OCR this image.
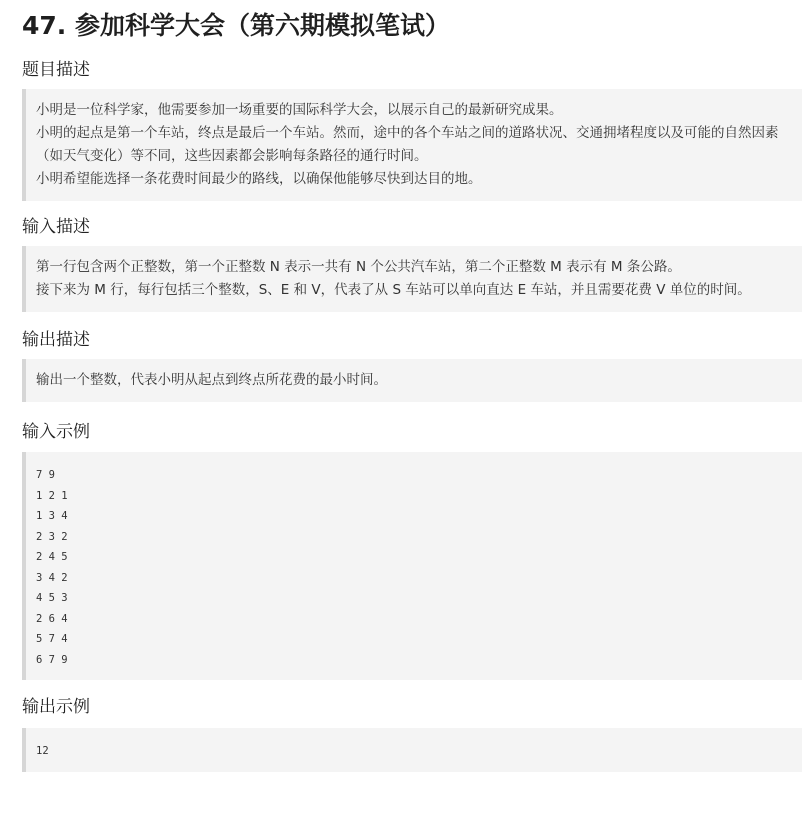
47. 参加科学大会（第六期模拟笔试）
题目描述

小明是一位科学家，他需要参加一场重要的国际科学大会，以展示自己的最新研究成果。

小明的起点是第一个车站，终点是最后一个车站。然而，途中的各个车站之间的道路状况、交通拥堵程度以及可能的自然因素（如天气变化）等不同，这些因素都会影响每条路径的通行时间。

小明希望能选择一条花费时间最少的路线，以确保他能够尽快到达目的地。

输入描述

第一行包含两个正整数，第一个正整数 N 表示一共有 N 个公共汽车站，第二个正整数 M 表示有 M 条公路。

接下来为 M 行，每行包括三个整数，S、E 和 V，代表了从 S 车站可以单向直达 E 车站，并且需要花费 V 单位的时间。

输出描述

输出一个整数，代表小明从起点到终点所花费的最小时间。

输入示例
7 9
1 2 1
1 3 4
2 3 2
2 4 5
3 4 2
4 5 3
2 6 4
5 7 4
6 7 9
输出示例
12
